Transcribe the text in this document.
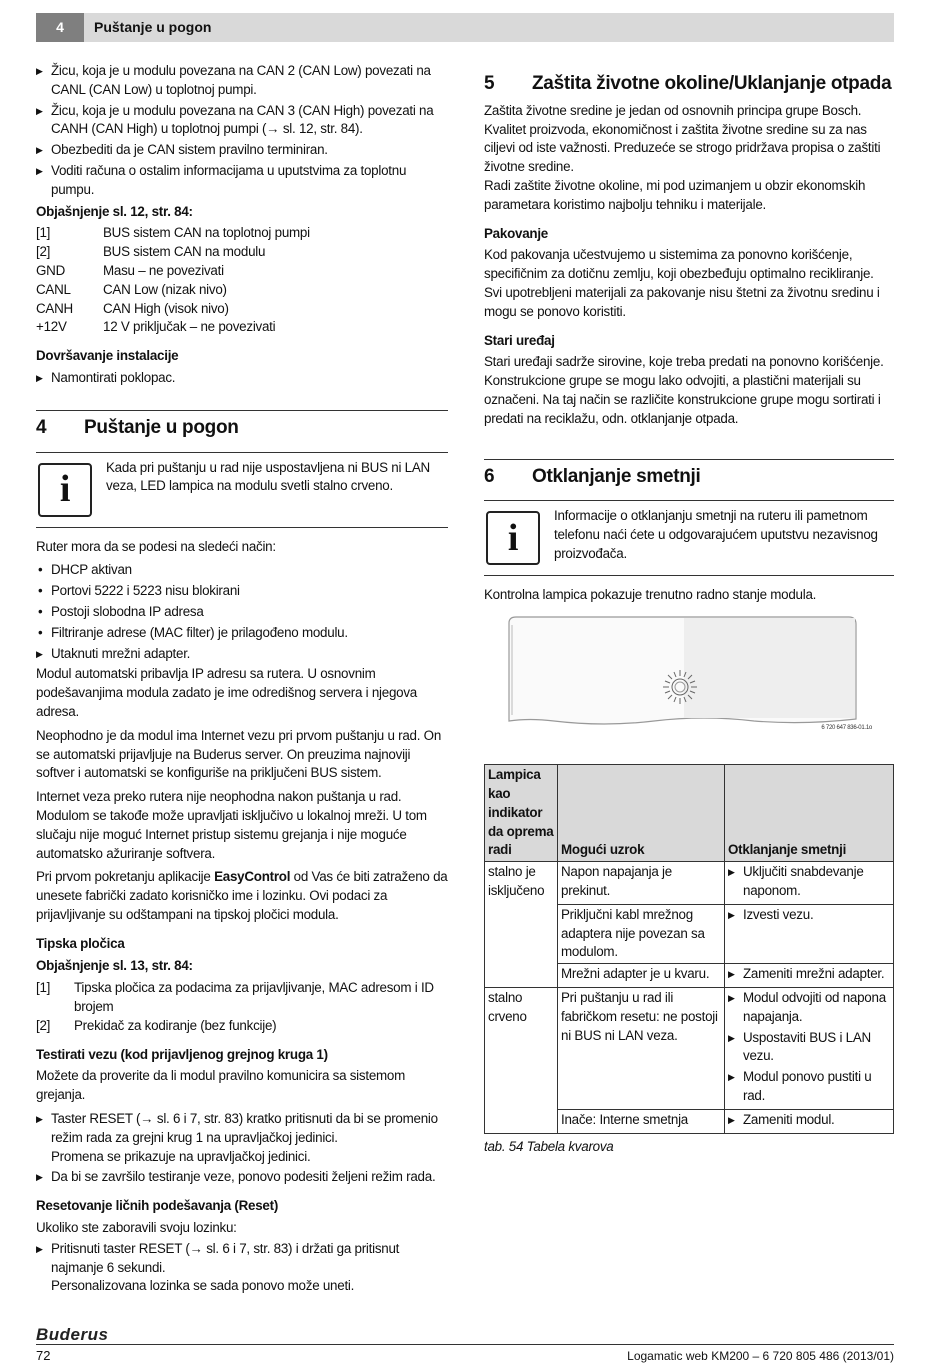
4	Puštanje u pogon

▶ Žicu, koja je u modulu povezana na CAN 2 (CAN Low) povezati na CANL (CAN Low) u toplotnoj pumpi.

▶ Žicu, koja je u modulu povezana na CAN 3 (CAN High) povezati na CANH (CAN High) u toplotnoj pumpi (→ sl. 12, str. 84).

▶ Obezbediti da je CAN sistem pravilno terminiran.

▶ Voditi računa o ostalim informacijama u uputstvima za toplotnu pumpu.

Objašnjenje sl. 12, str. 84:
[1]	BUS sistem CAN na toplotnoj pumpi
[2]	BUS sistem CAN na modulu
GND	Masu – ne povezivati
CANL	CAN Low (nizak nivo)
CANH	CAN High (visok nivo)
+12V	12 V priključak – ne povezivati
Dovršavanje instalacije

▶ Namontirati poklopac.

4	Puštanje u pogon
i
Kada pri puštanju u rad nije uspostavljena ni BUS ni LAN veza, LED lampica na modulu svetli stalno crveno.

Ruter mora da se podesi na sledeći način:

• DHCP aktivan

• Portovi 5222 i 5223 nisu blokirani

• Postoji slobodna IP adresa

• Filtriranje adrese (MAC filter) je prilagođeno modulu.

▶ Utaknuti mrežni adapter.

Modul automatski pribavlja IP adresu sa rutera. U osnovnim podešavanjima modula zadato je ime odredišnog servera i njegova adresa.

Neophodno je da modul ima Internet vezu pri prvom puštanju u rad. On se automatski prijavljuje na Buderus server. On preuzima najnoviji softver i automatski se konfiguriše na priključeni BUS sistem.

Internet veza preko rutera nije neophodna nakon puštanja u rad. Modulom se takođe može upravljati isključivo u lokalnoj mreži. U tom slučaju nije moguć Internet pristup sistemu grejanja i nije moguće automatsko ažuriranje softvera.

Pri prvom pokretanju aplikacije EasyControl od Vas će biti zatraženo da unesete fabrički zadato korisničko ime i lozinku. Ovi podaci za prijavljivanje su odštampani na tipskoj pločici modula.

Tipska pločica
Objašnjenje sl. 13, str. 84:
[1]	Tipska pločica za podacima za prijavljivanje, MAC adresom i ID brojem
[2]	Prekidač za kodiranje (bez funkcije)
Testirati vezu (kod prijavljenog grejnog kruga 1)

Možete da proverite da li modul pravilno komunicira sa sistemom grejanja.

▶ Taster RESET (→ sl. 6 i 7, str. 83) kratko pritisnuti da bi se promenio režim rada za grejni krug 1 na upravljačkoj jedinici.

Promena se prikazuje na upravljačkoj jedinici.

▶ Da bi se završilo testiranje veze, ponovo podesiti željeni režim rada.

Resetovanje ličnih podešavanja (Reset)

Ukoliko ste zaboravili svoju lozinku:

▶ Pritisnuti taster RESET (→ sl. 6 i 7, str. 83) i držati ga pritisnut najmanje 6 sekundi.

Personalizovana lozinka se sada ponovo može uneti.

5	Zaštita životne okoline/Uklanjanje otpada

Zaštita životne sredine je jedan od osnovnih principa grupe Bosch. Kvalitet proizvoda, ekonomičnost i zaštita životne sredine su za nas ciljevi od iste važnosti. Preduzeće se strogo pridržava propisa o zaštiti životne sredine.

Radi zaštite životne okoline, mi pod uzimanjem u obzir ekonomskih parametara koristimo najbolju tehniku i materijale.

Pakovanje

Kod pakovanja učestvujemo u sistemima za ponovno korišćenje, specifičnim za dotičnu zemlju, koji obezbeđuju optimalno recikliranje. Svi upotrebljeni materijali za pakovanje nisu štetni za životnu sredinu i mogu se ponovo koristiti.

Stari uređaj

Stari uređaji sadrže sirovine, koje treba predati na ponovno korišćenje. Konstrukcione grupe se mogu lako odvojiti, a plastični materijali su označeni. Na taj način se različite konstrukcione grupe mogu sortirati i predati na reciklažu, odn. otklanjanje otpada.

6	Otklanjanje smetnji
i
Informacije o otklanjanju smetnji na ruteru ili pametnom telefonu naći ćete u odgovarajućem uputstvu nezavisnog proizvođača.

Kontrolna lampica pokazuje trenutno radno stanje modula.

6 720 647 836-01.1o
Lampica kao indikator da oprema radi	Mogući uzrok	Otklanjanje smetnji
stalno je isključeno	Napon napajanja je prekinut.	▶ Uključiti snabdevanje naponom.

	Priključni kabl mrežnog adaptera nije povezan sa modulom.	▶ Izvesti vezu.

	Mrežni adapter je u kvaru.	▶ Zameniti mrežni adapter.

stalno crveno	Pri puštanju u rad ili fabričkom resetu: ne postoji ni BUS ni LAN veza.	▶ Modul odvojiti od napona napajanja.
▶ Uspostaviti BUS i LAN vezu.
▶ Modul ponovo pustiti u rad.

	Inače: Interne smetnja	▶ Zameniti modul.
tab. 54 Tabela kvarova
Buderus
72	Logamatic web KM200 – 6 720 805 486 (2013/01)
